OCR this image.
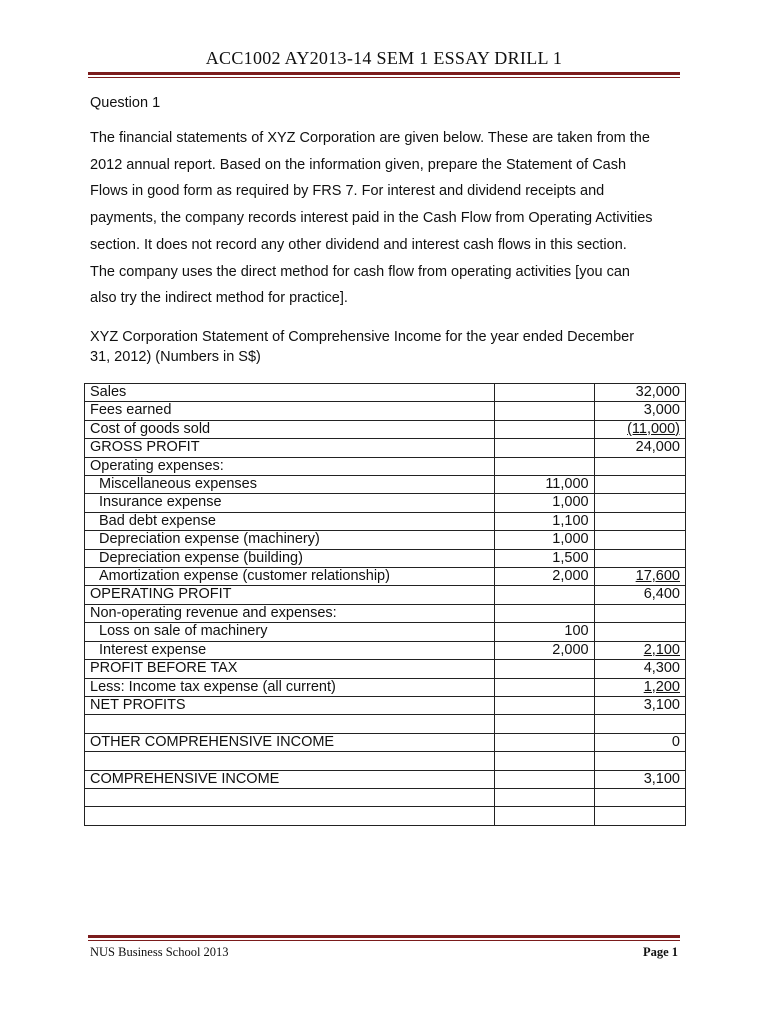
ACC1002 AY2013-14 SEM 1 ESSAY DRILL 1
Question 1
The financial statements of XYZ Corporation are given below. These are taken from the
2012 annual report. Based on the information given, prepare the Statement of Cash
Flows in good form as required by FRS 7. For interest and dividend receipts and
payments, the company records interest paid in the Cash Flow from Operating Activities
section. It does not record any other dividend and interest cash flows in this section.
The company uses the direct method for cash flow from operating activities [you can
also try the indirect method for practice].
XYZ Corporation Statement of Comprehensive Income for the year ended December
31, 2012) (Numbers in S$)
Sales		32,000
Fees earned		3,000
Cost of goods sold		(11,000)
GROSS PROFIT		24,000
Operating expenses:		
Miscellaneous expenses	11,000	
Insurance expense	1,000	
Bad debt expense	1,100	
Depreciation expense (machinery)	1,000	
Depreciation expense (building)	1,500	
Amortization expense (customer relationship)	2,000	17,600
OPERATING PROFIT		6,400
Non-operating revenue and expenses:		
Loss on sale of machinery	100	
Interest expense	2,000	2,100
PROFIT BEFORE TAX		4,300
Less: Income tax expense (all current)		1,200
NET PROFITS		3,100

OTHER COMPREHENSIVE INCOME		0

COMPREHENSIVE INCOME		3,100

NUS Business School 2013	Page 1
